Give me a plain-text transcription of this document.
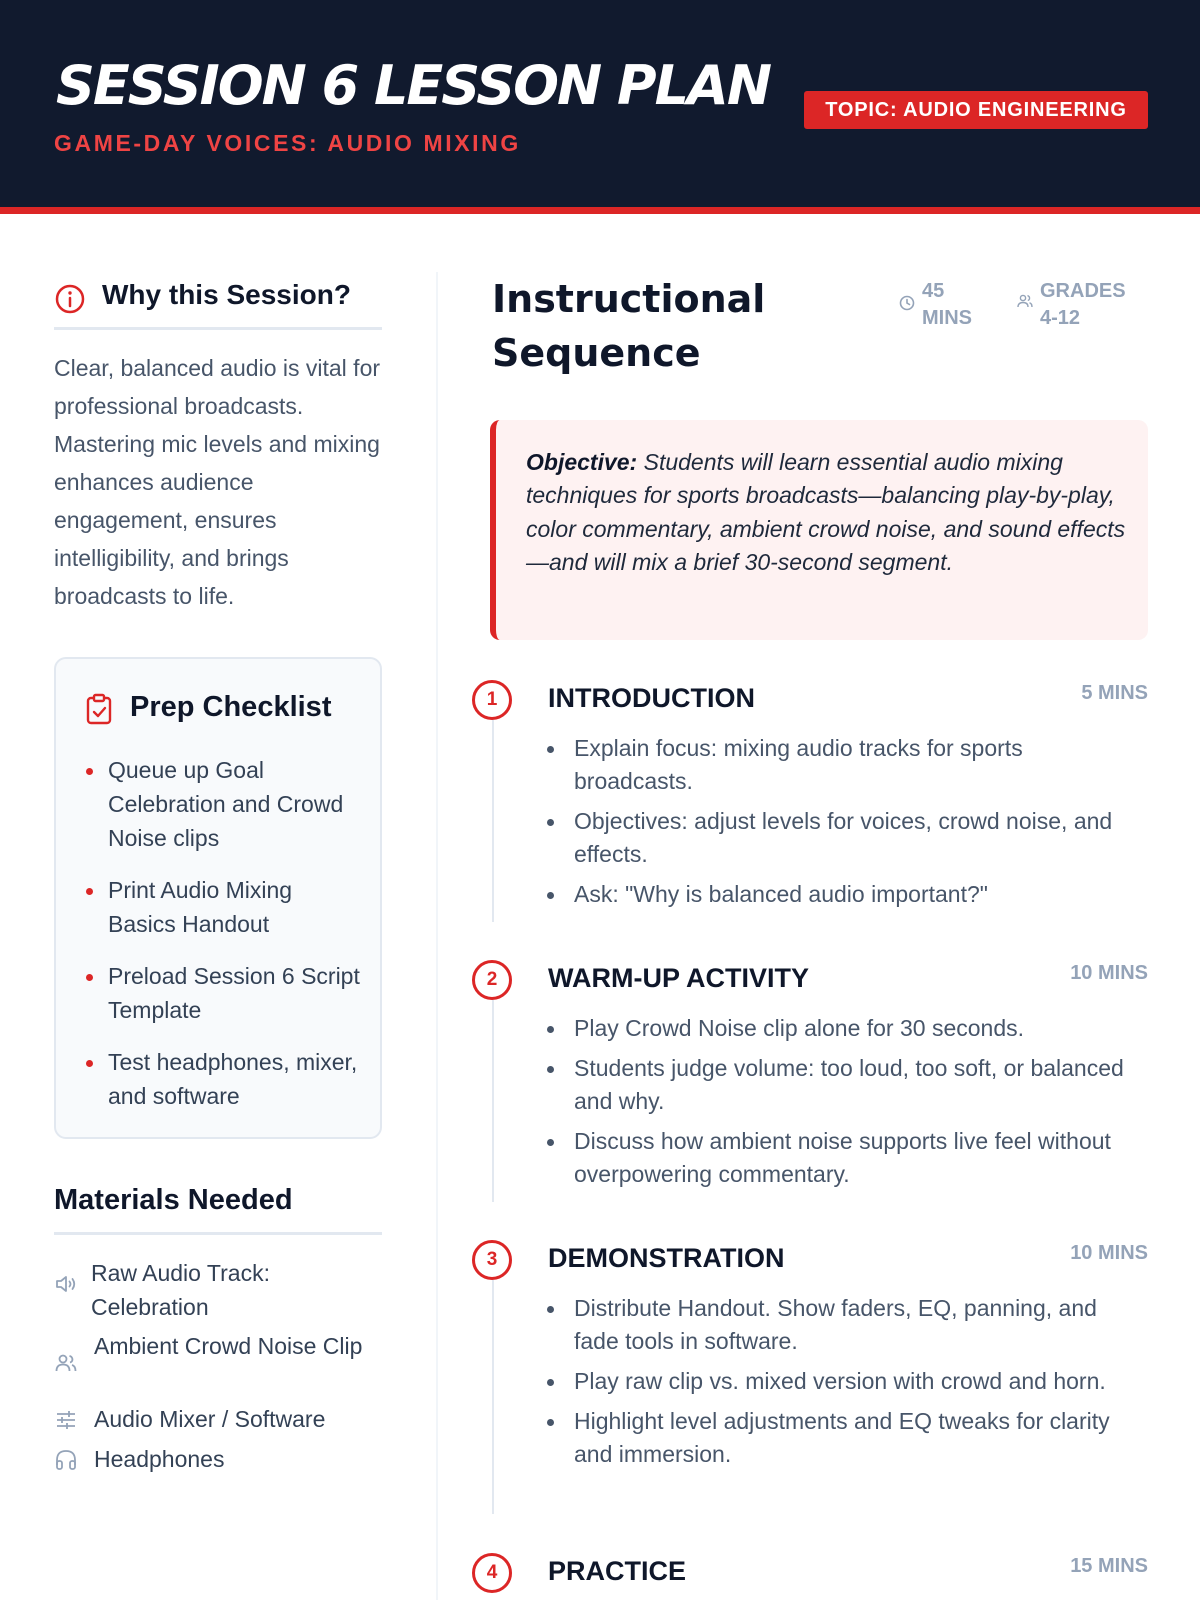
SESSION 6 LESSON PLAN
GAME-DAY VOICES: AUDIO MIXING
TOPIC: AUDIO ENGINEERING
Why this Session?
Clear, balanced audio is vital for professional broadcasts. Mastering mic levels and mixing enhances audience engagement, ensures intelligibility, and brings broadcasts to life.
Prep Checklist
Queue up Goal Celebration and Crowd Noise clips
Print Audio Mixing Basics Handout
Preload Session 6 Script Template
Test headphones, mixer, and software
Materials Needed
Raw Audio Track: Celebration
Ambient Crowd Noise Clip
Audio Mixer / Software
Headphones
Instructional Sequence
45 MINS
GRADES 4-12

Objective: Students will learn essential audio mixing techniques for sports broadcasts—balancing play-by-play, color commentary, ambient crowd noise, and sound effects—and will mix a brief 30-second segment.

1	INTRODUCTION	5 MINS
Explain focus: mixing audio tracks for sports broadcasts.
Objectives: adjust levels for voices, crowd noise, and effects.
Ask: "Why is balanced audio important?"
2	WARM-UP ACTIVITY	10 MINS
Play Crowd Noise clip alone for 30 seconds.
Students judge volume: too loud, too soft, or balanced and why.
Discuss how ambient noise supports live feel without overpowering commentary.
3	DEMONSTRATION	10 MINS
Distribute Handout. Show faders, EQ, panning, and fade tools in software.
Play raw clip vs. mixed version with crowd and horn.
Highlight level adjustments and EQ tweaks for clarity and immersion.
4	PRACTICE	15 MINS
